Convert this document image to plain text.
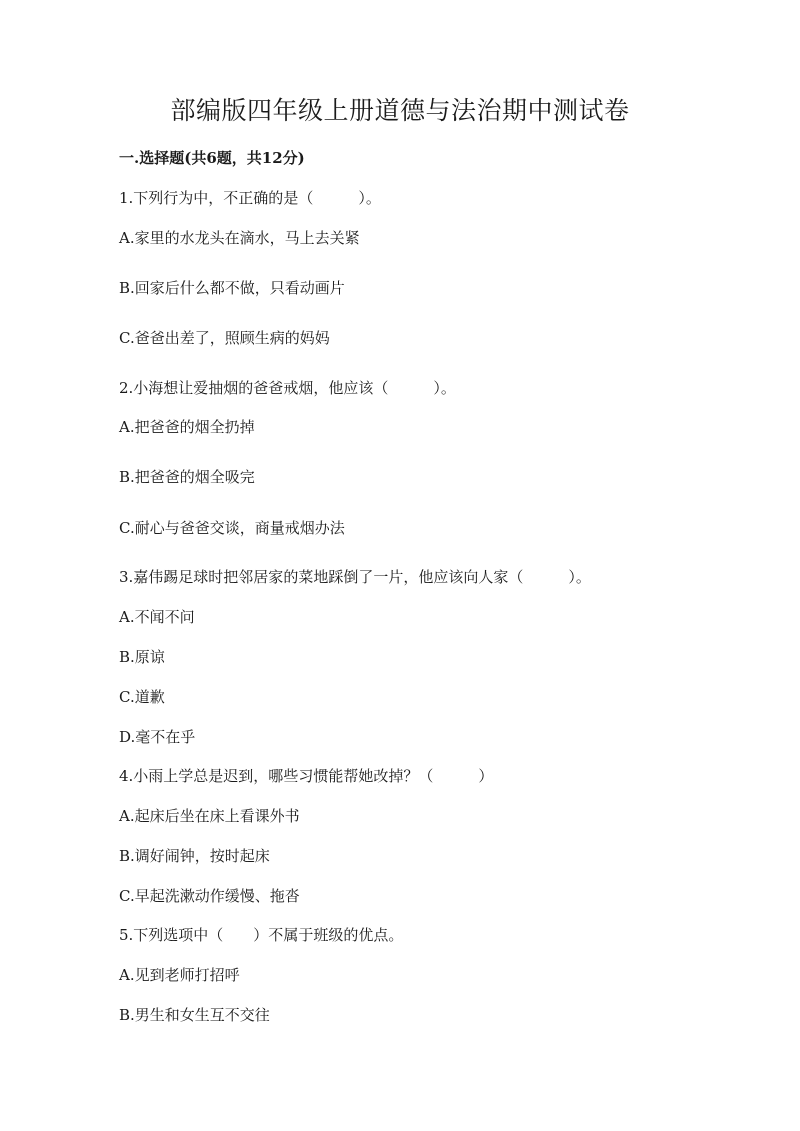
部编版四年级上册道德与法治期中测试卷
一.选择题(共6题，共12分)
1.下列行为中，不正确的是（　　　）。
A.家里的水龙头在滴水，马上去关紧
B.回家后什么都不做，只看动画片
C.爸爸出差了，照顾生病的妈妈
2.小海想让爱抽烟的爸爸戒烟，他应该（　　　）。
A.把爸爸的烟全扔掉
B.把爸爸的烟全吸完
C.耐心与爸爸交谈，商量戒烟办法
3.嘉伟踢足球时把邻居家的菜地踩倒了一片，他应该向人家（　　　）。
A.不闻不问
B.原谅
C.道歉
D.毫不在乎
4.小雨上学总是迟到，哪些习惯能帮她改掉？（　　　）
A.起床后坐在床上看课外书
B.调好闹钟，按时起床
C.早起洗漱动作缓慢、拖沓
5.下列选项中（　　）不属于班级的优点。
A.见到老师打招呼
B.男生和女生互不交往
